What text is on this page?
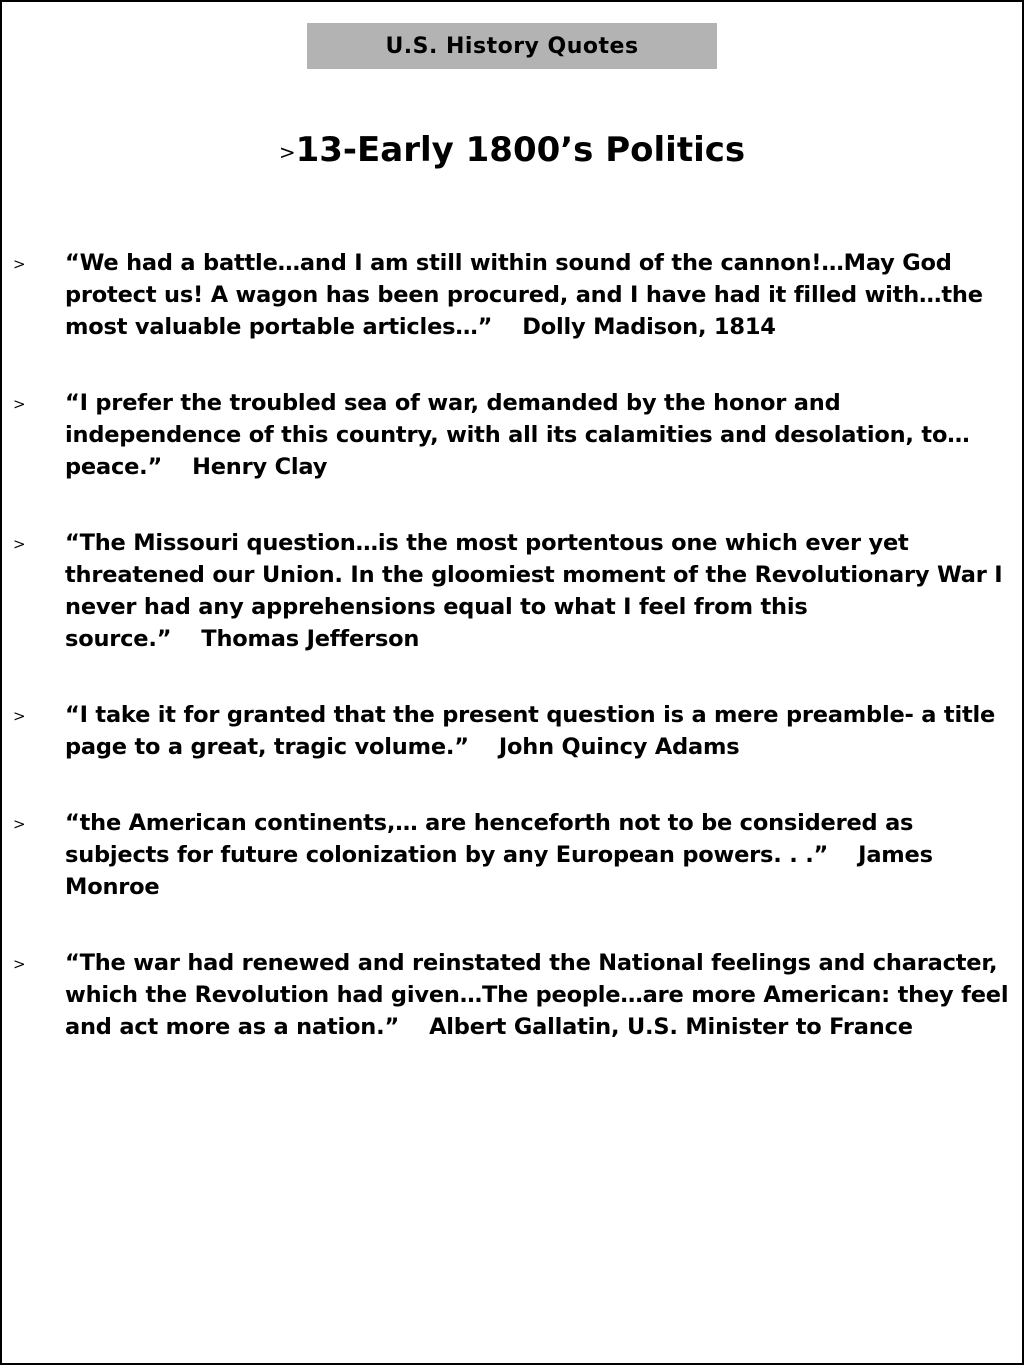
U.S. History Quotes
>13-Early 1800’s Politics
> “We had a battle…and I am still within sound of the cannon!…May God protect us! A wagon has been procured, and I have had it filled with…the most valuable portable articles…” Dolly Madison, 1814
> “I prefer the troubled sea of war, demanded by the honor and independence of this country, with all its calamities and desolation, to…peace.” Henry Clay
> “The Missouri question…is the most portentous one which ever yet threatened our Union. In the gloomiest moment of the Revolutionary War I never had any apprehensions equal to what I feel from this source.” Thomas Jefferson
> “I take it for granted that the present question is a mere preamble- a title page to a great, tragic volume.” John Quincy Adams
> “the American continents,… are henceforth not to be considered as subjects for future colonization by any European powers. . .” James Monroe
> “The war had renewed and reinstated the National feelings and character, which the Revolution had given…The people…are more American: they feel and act more as a nation.” Albert Gallatin, U.S. Minister to France
